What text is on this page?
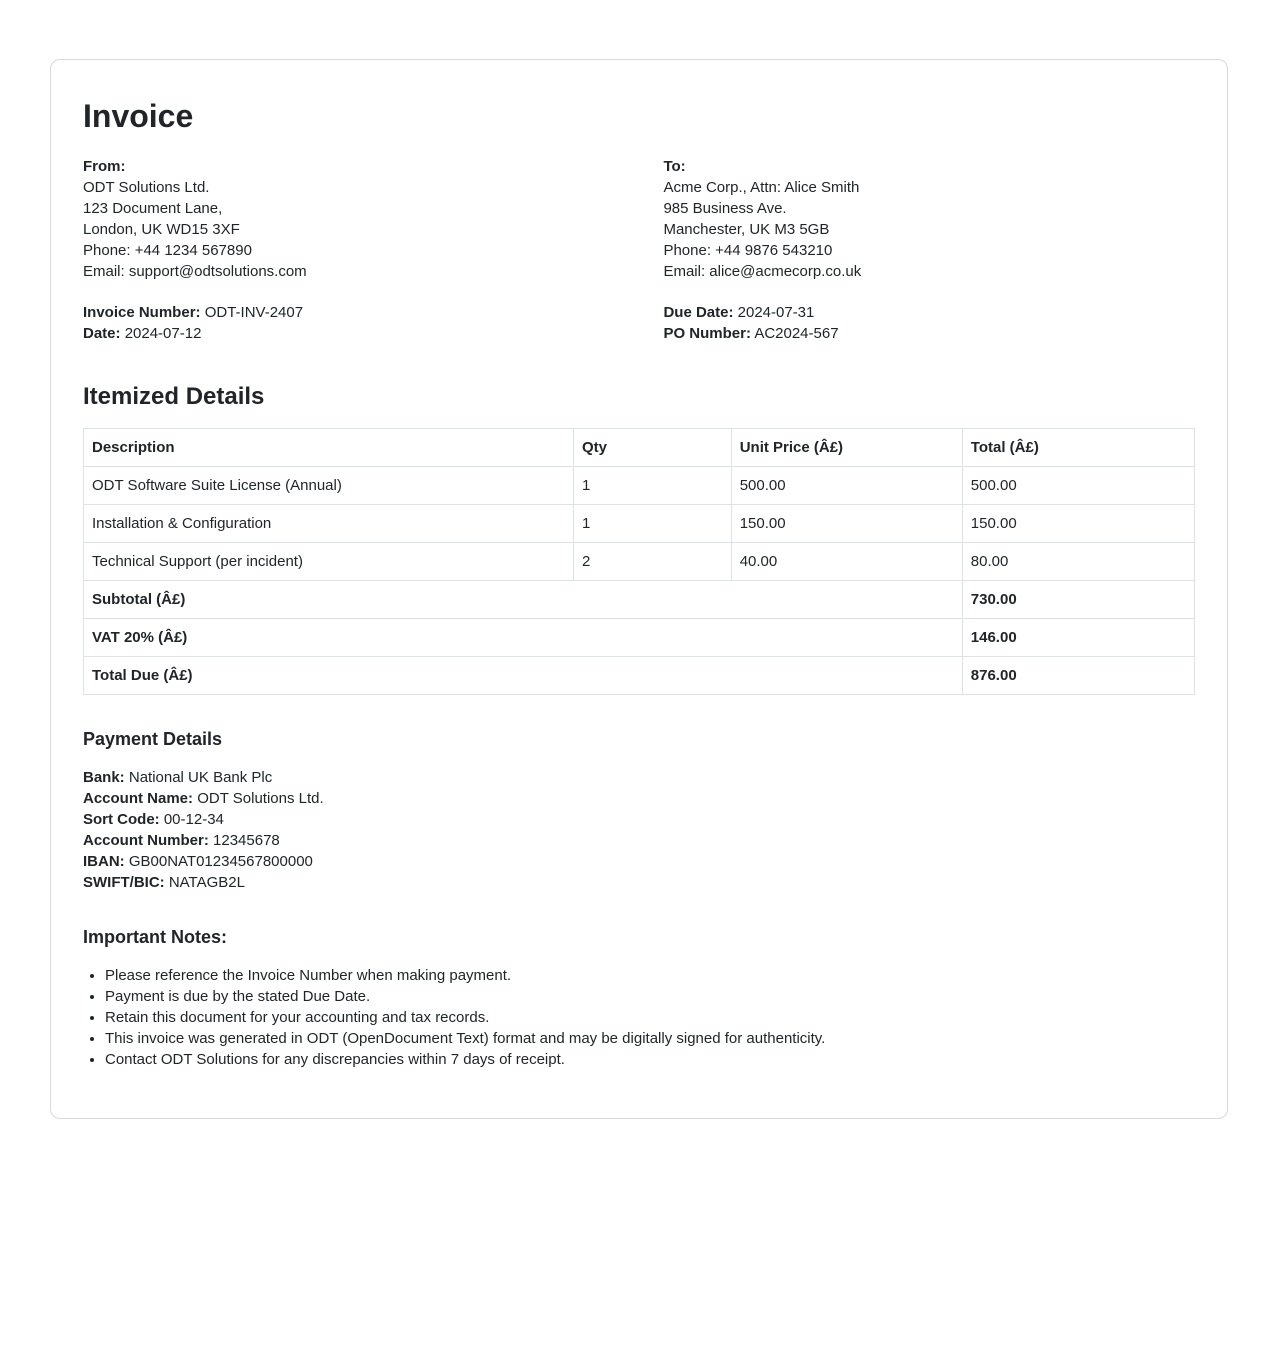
Invoice
From:
ODT Solutions Ltd.
123 Document Lane,
London, UK WD15 3XF
Phone: +44 1234 567890
Email: support@odtsolutions.com
To:
Acme Corp., Attn: Alice Smith
985 Business Ave.
Manchester, UK M3 5GB
Phone: +44 9876 543210
Email: alice@acmecorp.co.uk
Invoice Number: ODT-INV-2407
Date: 2024-07-12
Due Date: 2024-07-31
PO Number: AC2024-567
Itemized Details
Description	Qty	Unit Price (Â£)	Total (Â£)
ODT Software Suite License (Annual)	1	500.00	500.00
Installation & Configuration	1	150.00	150.00
Technical Support (per incident)	2	40.00	80.00
Subtotal (Â£)			730.00
VAT 20% (Â£)			146.00
Total Due (Â£)			876.00
Payment Details
Bank: National UK Bank Plc
Account Name: ODT Solutions Ltd.
Sort Code: 00-12-34
Account Number: 12345678
IBAN: GB00NAT01234567800000
SWIFT/BIC: NATAGB2L
Important Notes:
• Please reference the Invoice Number when making payment.
• Payment is due by the stated Due Date.
• Retain this document for your accounting and tax records.
• This invoice was generated in ODT (OpenDocument Text) format and may be digitally signed for authenticity.
• Contact ODT Solutions for any discrepancies within 7 days of receipt.
